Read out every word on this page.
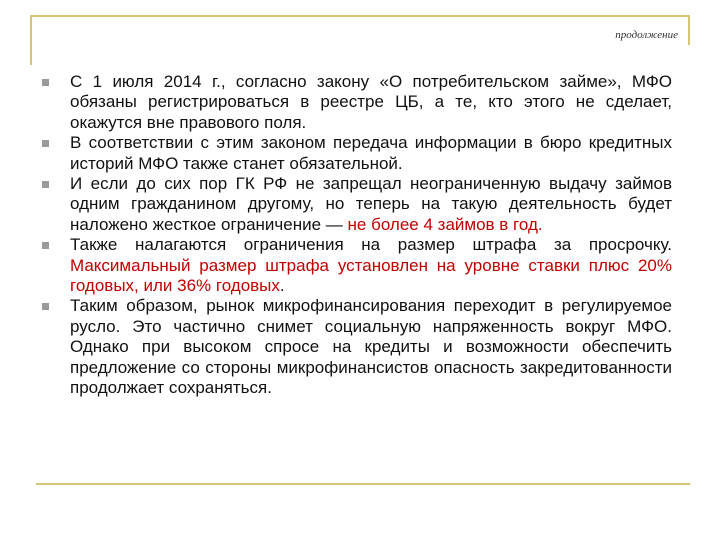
продолжение
С 1 июля 2014 г., согласно закону «О потребительском займе», МФО обязаны регистрироваться в реестре ЦБ, а те, кто этого не сделает, окажутся вне правового поля.
В соответствии с этим законом передача информации в бюро кредитных историй МФО также станет обязательной.
И если до сих пор ГК РФ не запрещал неограниченную выдачу займов одним гражданином другому, но теперь на такую деятельность будет наложено жесткое ограничение — не более 4 займов в год.
Также налагаются ограничения на размер штрафа за просрочку. Максимальный размер штрафа установлен на уровне ставки плюс 20% годовых, или 36% годовых.
Таким образом, рынок микрофинансирования переходит в регулируемое русло. Это частично снимет социальную напряженность вокруг МФО. Однако при высоком спросе на кредиты и возможности обеспечить предложение со стороны микрофинансистов опасность закредитованности продолжает сохраняться.
